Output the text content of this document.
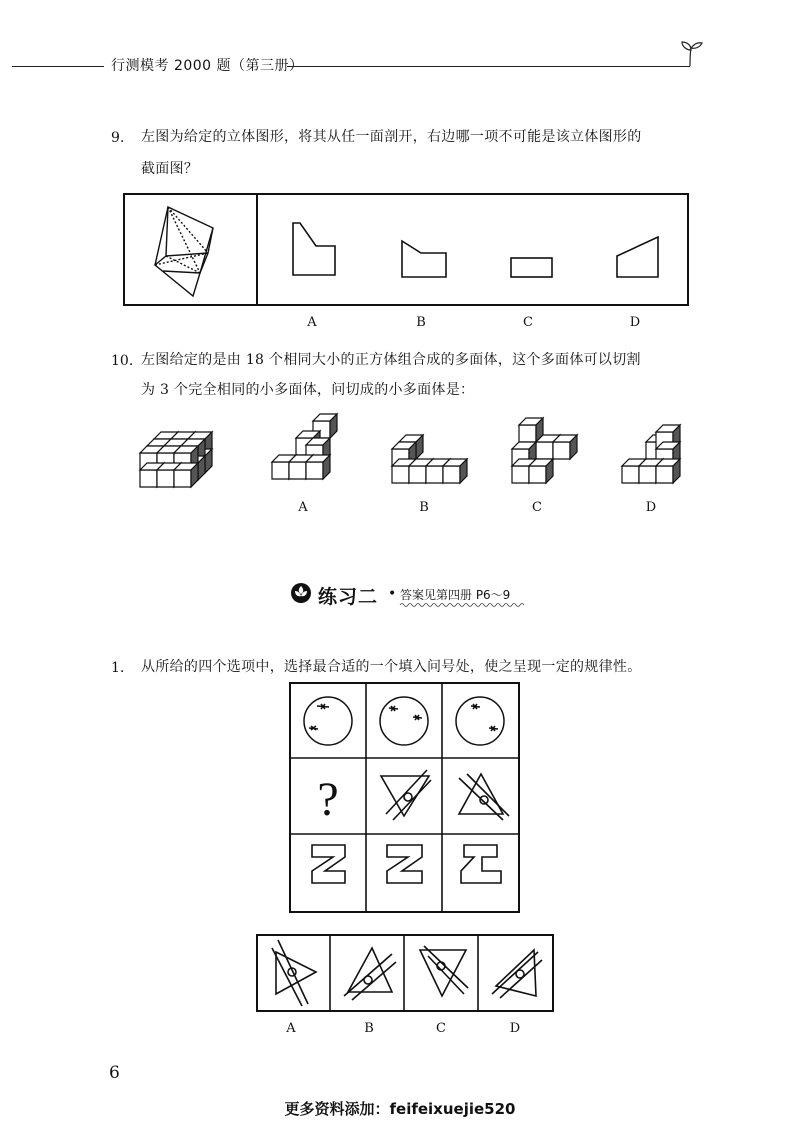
行测模考 2000 题（第三册）
9. 左图为给定的立体图形，将其从任一面剖开，右边哪一项不可能是该立体图形的
截面图？
A	B	C	D
10. 左图给定的是由 18 个相同大小的正方体组合成的多面体，这个多面体可以切割
为 3 个完全相同的小多面体，问切成的小多面体是：
A	B	C	D
练习二 • 答案见第四册 P6～9
1. 从所给的四个选项中，选择最合适的一个填入问号处，使之呈现一定的规律性。
?
A	B	C	D
6
更多资料添加：feifeixuejie520
